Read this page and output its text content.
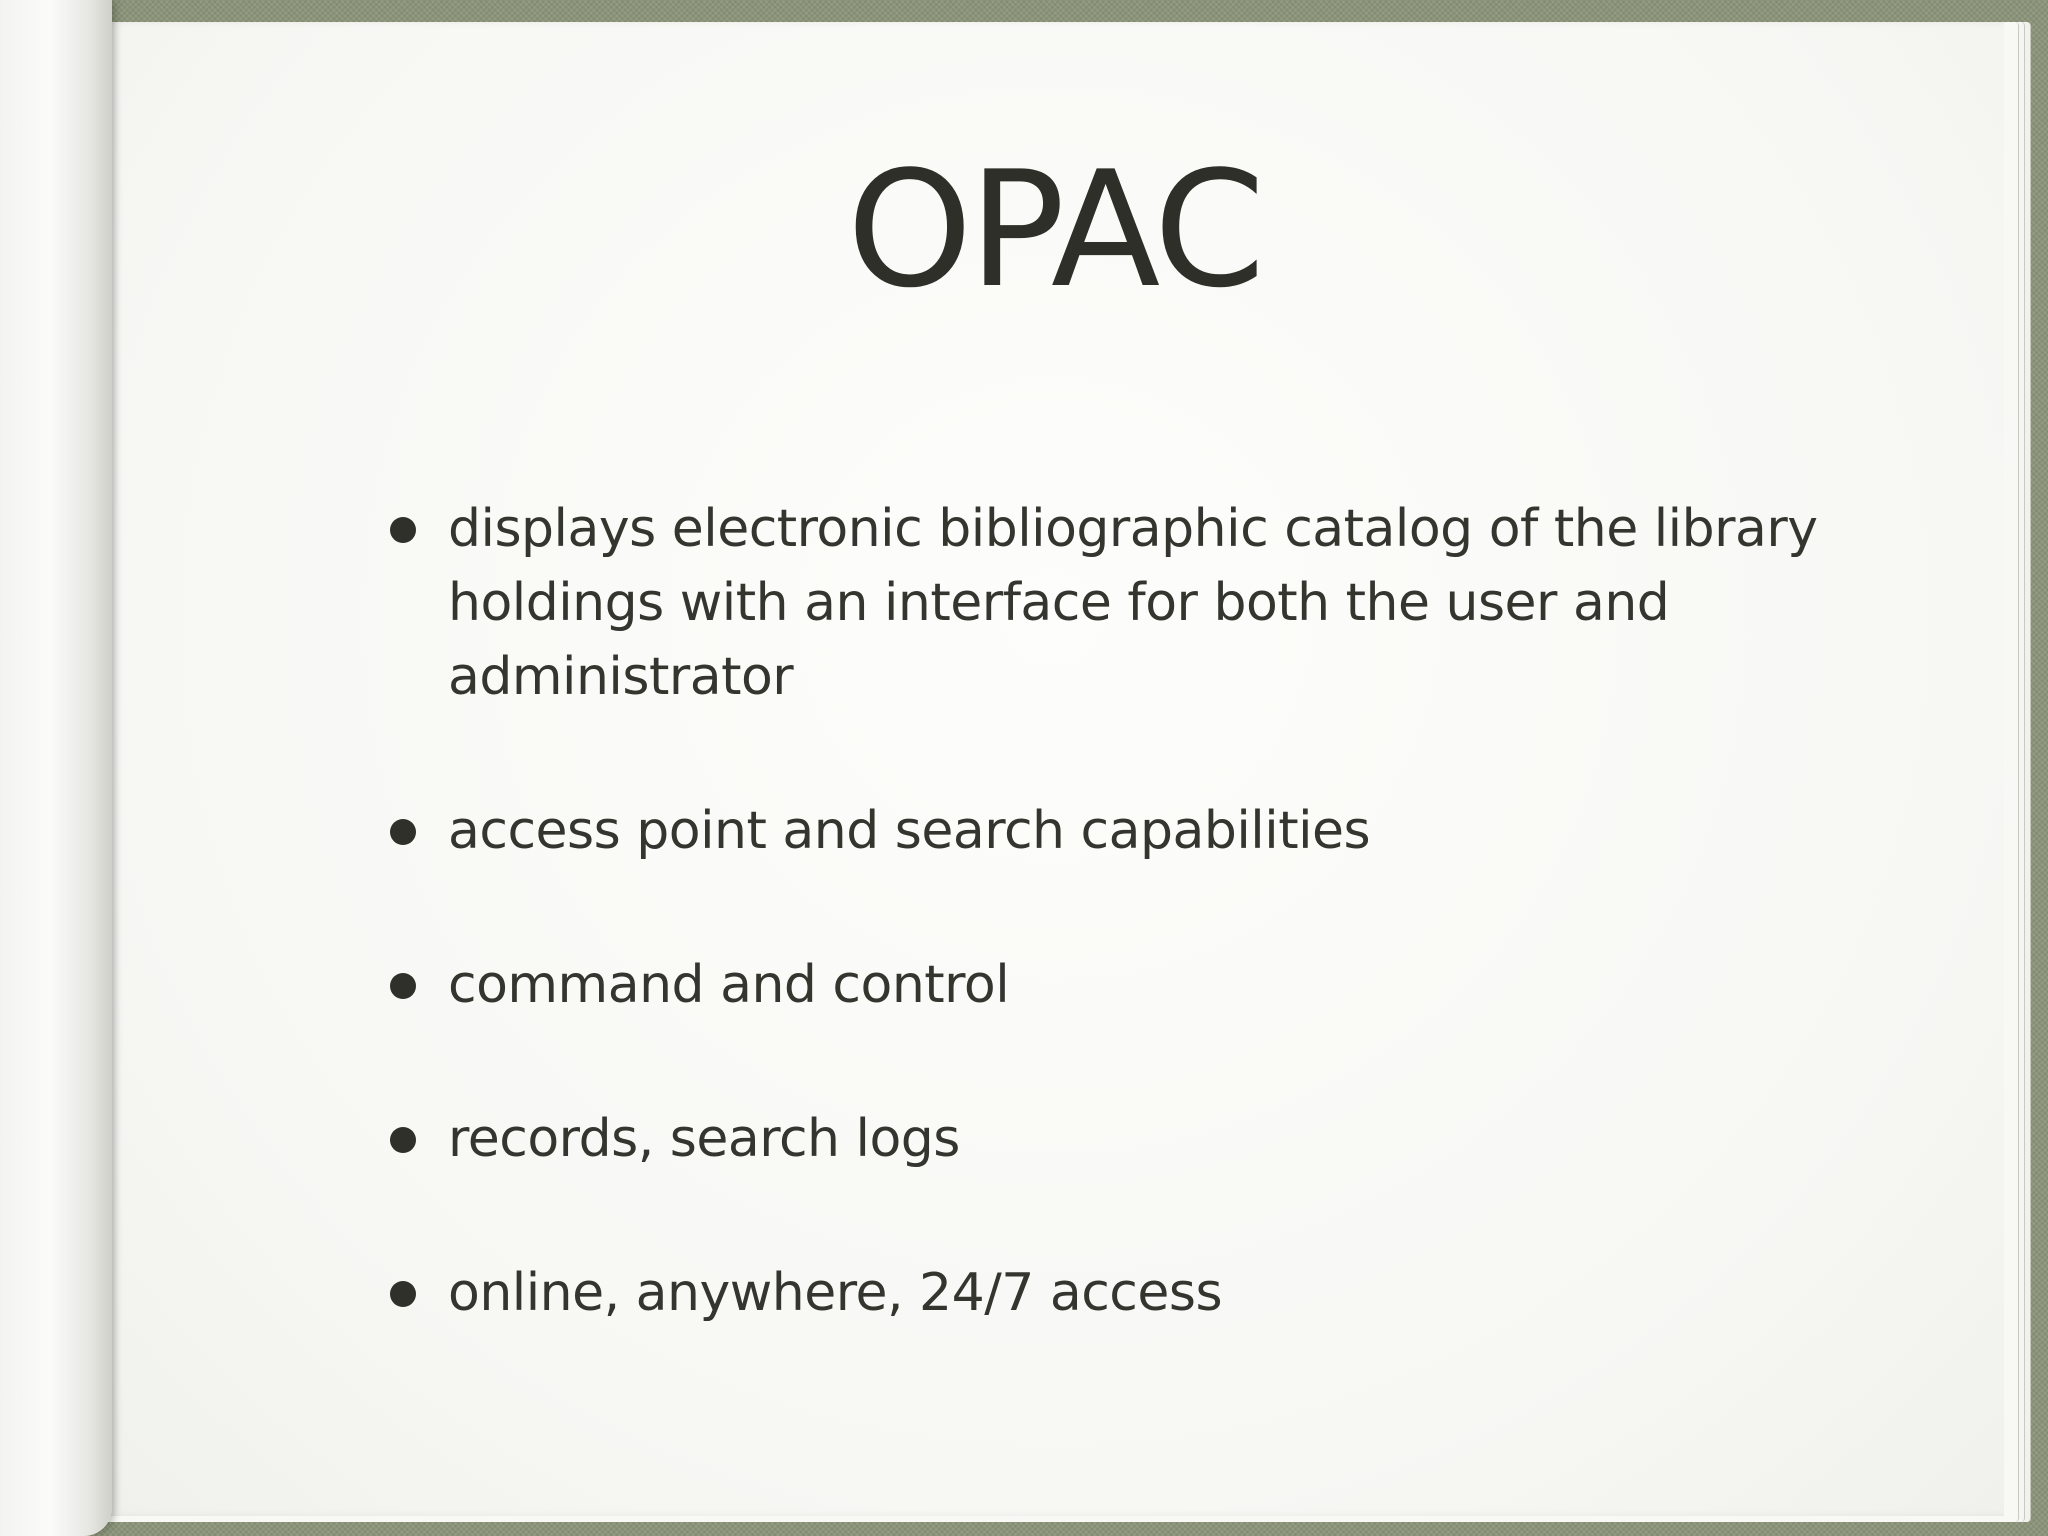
OPAC
displays electronic bibliographic catalog of the library holdings with an interface for both the user and administrator
access point and search capabilities
command and control
records, search logs
online, anywhere, 24/7 access
